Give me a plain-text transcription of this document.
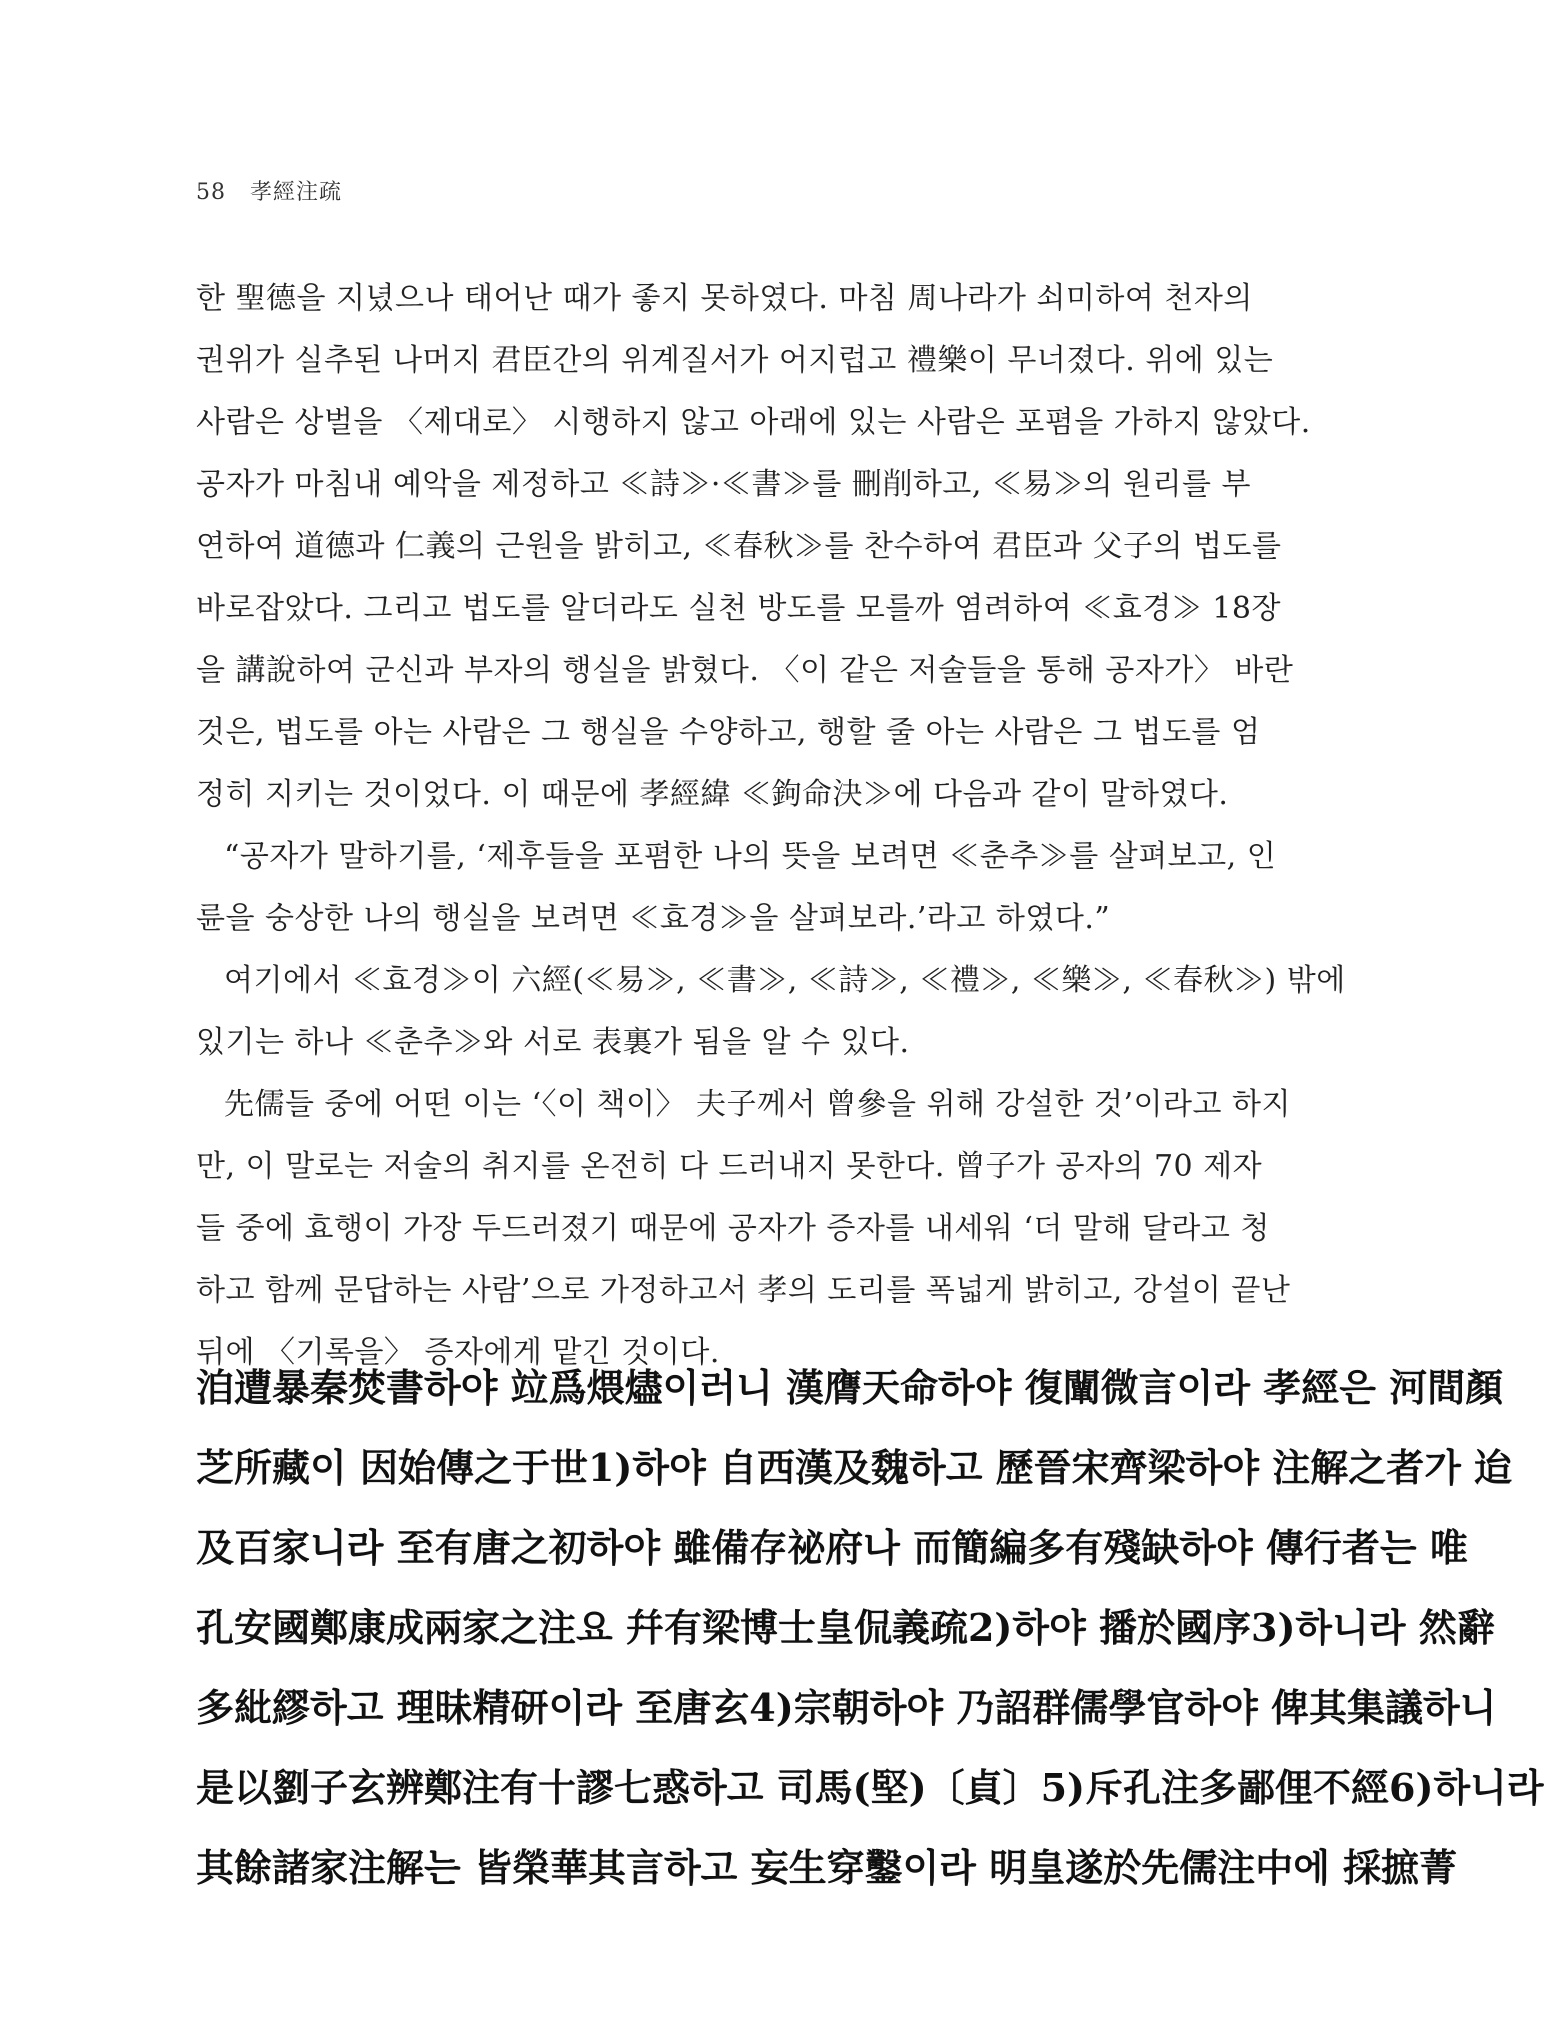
58 孝經注疏
한 聖德을 지녔으나 태어난 때가 좋지 못하였다. 마침 周나라가 쇠미하여 천자의
권위가 실추된 나머지 君臣간의 위계질서가 어지럽고 禮樂이 무너졌다. 위에 있는
사람은 상벌을 〈제대로〉 시행하지 않고 아래에 있는 사람은 포폄을 가하지 않았다.
공자가 마침내 예악을 제정하고 ≪詩≫·≪書≫를 刪削하고, ≪易≫의 원리를 부
연하여 道德과 仁義의 근원을 밝히고, ≪春秋≫를 찬수하여 君臣과 父子의 법도를
바로잡았다. 그리고 법도를 알더라도 실천 방도를 모를까 염려하여 ≪효경≫ 18장
을 講說하여 군신과 부자의 행실을 밝혔다. 〈이 같은 저술들을 통해 공자가〉 바란
것은, 법도를 아는 사람은 그 행실을 수양하고, 행할 줄 아는 사람은 그 법도를 엄
정히 지키는 것이었다. 이 때문에 孝經緯 ≪鉤命決≫에 다음과 같이 말하였다.
“공자가 말하기를, ‘제후들을 포폄한 나의 뜻을 보려면 ≪춘추≫를 살펴보고, 인
륜을 숭상한 나의 행실을 보려면 ≪효경≫을 살펴보라.’라고 하였다.”
여기에서 ≪효경≫이 六經(≪易≫, ≪書≫, ≪詩≫, ≪禮≫, ≪樂≫, ≪春秋≫) 밖에
있기는 하나 ≪춘추≫와 서로 表裏가 됨을 알 수 있다.
先儒들 중에 어떤 이는 ‘〈이 책이〉 夫子께서 曾參을 위해 강설한 것’이라고 하지
만, 이 말로는 저술의 취지를 온전히 다 드러내지 못한다. 曾子가 공자의 70 제자
들 중에 효행이 가장 두드러졌기 때문에 공자가 증자를 내세워 ‘더 말해 달라고 청
하고 함께 문답하는 사람’으로 가정하고서 孝의 도리를 폭넓게 밝히고, 강설이 끝난
뒤에 〈기록을〉 증자에게 맡긴 것이다.
洎遭暴秦焚書하야 竝爲煨燼이러니 漢膺天命하야 復闡微言이라 孝經은 河間顏
芝所藏이 因始傳之于世1)하야 自西漢及魏하고 歷晉宋齊梁하야 注解之者가 迨
及百家니라 至有唐之初하야 雖備存祕府나 而簡編多有殘缺하야 傳行者는 唯
孔安國鄭康成兩家之注요 幷有梁博士皇侃義疏2)하야 播於國序3)하니라 然辭
多紕繆하고 理昧精研이라 至唐玄4)宗朝하야 乃詔群儒學官하야 俾其集議하니
是以劉子玄辨鄭注有十謬七惑하고 司馬(堅)〔貞〕5)斥孔注多鄙俚不經6)하니라
其餘諸家注解는 皆榮華其言하고 妄生穿鑿이라 明皇遂於先儒注中에 採摭菁
